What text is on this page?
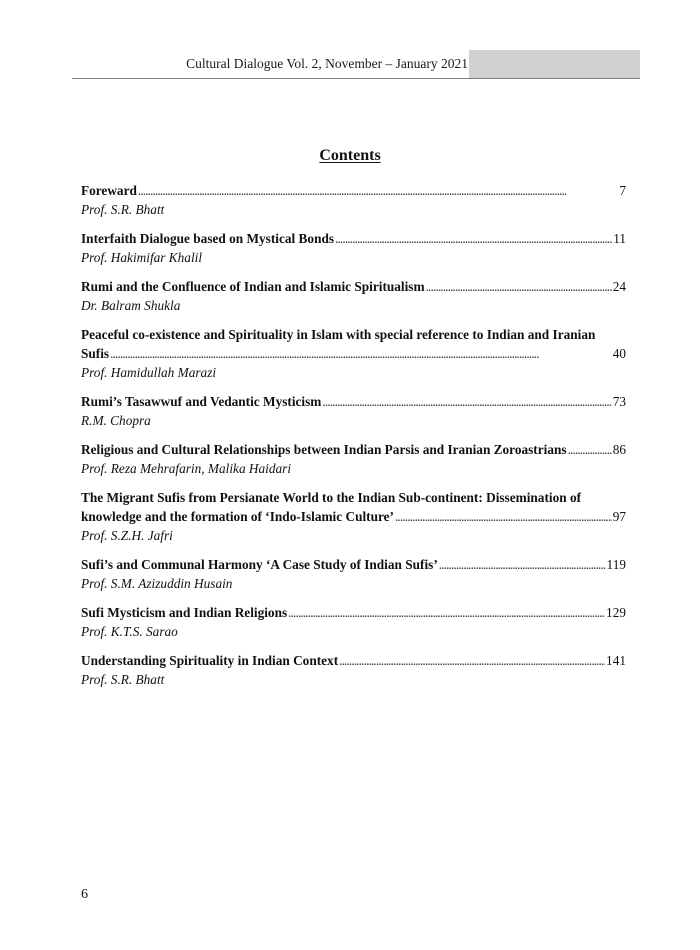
Cultural Dialogue Vol. 2, November – January 2021
Contents
Foreward . . .	7
Prof. S.R. Bhatt
Interfaith Dialogue based on Mystical Bonds . . .	11
Prof. Hakimifar Khalil
Rumi and the Confluence of Indian and Islamic Spiritualism . . .	24
Dr. Balram Shukla
Peaceful co-existence and Spirituality in Islam with special reference to Indian and Iranian
Sufis . . .	40
Prof. Hamidullah Marazi
Rumi’s Tasawwuf and Vedantic Mysticism . . .	73
R.M. Chopra
Religious and Cultural Relationships between Indian Parsis and Iranian Zoroastrians . . .	86
Prof. Reza Mehrafarin, Malika Haidari
The Migrant Sufis from Persianate World to the Indian Sub-continent: Dissemination of
knowledge and the formation of ‘Indo-Islamic Culture’ . . .	97
Prof. S.Z.H. Jafri
Sufi’s and Communal Harmony ‘A Case Study of Indian Sufis’ . . .	119
Prof. S.M. Azizuddin Husain
Sufi Mysticism and Indian Religions . . .	129
Prof. K.T.S. Sarao
Understanding Spirituality in Indian Context . . .	141
Prof. S.R. Bhatt
6
